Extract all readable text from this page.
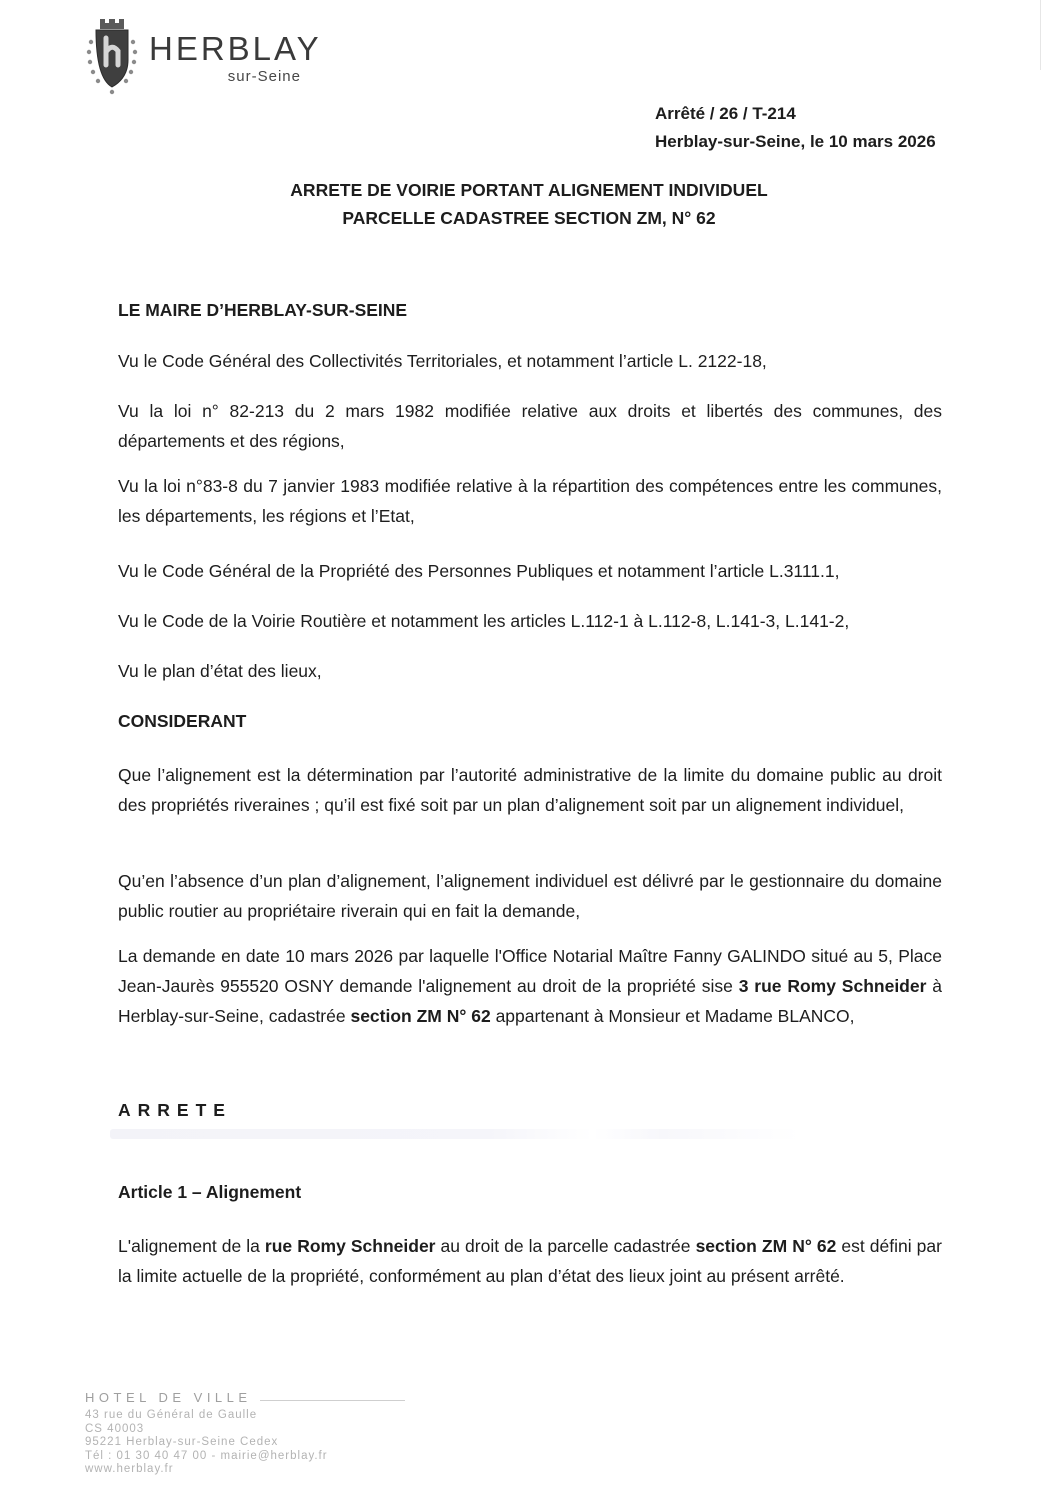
HERBLAY
sur-Seine
Arrêté / 26 / T-214
Herblay-sur-Seine, le 10 mars 2026
ARRETE DE VOIRIE PORTANT ALIGNEMENT INDIVIDUEL
PARCELLE CADASTREE SECTION ZM, N° 62
LE MAIRE D’HERBLAY-SUR-SEINE

Vu le Code Général des Collectivités Territoriales, et notamment l’article L. 2122-18,

Vu la loi n° 82-213 du 2 mars 1982 modifiée relative aux droits et libertés des communes, des départements et des régions,

Vu la loi n°83-8 du 7 janvier 1983 modifiée relative à la répartition des compétences entre les communes, les départements, les régions et l’Etat,

Vu le Code Général de la Propriété des Personnes Publiques et notamment l’article L.3111.1,

Vu le Code de la Voirie Routière et notamment les articles L.112-1 à L.112-8, L.141-3, L.141-2,

Vu le plan d’état des lieux,

CONSIDERANT

Que l’alignement est la détermination par l’autorité administrative de la limite du domaine public au droit des propriétés riveraines ; qu’il est fixé soit par un plan d’alignement soit par un alignement individuel,

Qu’en l’absence d’un plan d’alignement, l’alignement individuel est délivré par le gestionnaire du domaine public routier au propriétaire riverain qui en fait la demande,

La demande en date 10 mars 2026 par laquelle l'Office Notarial Maître Fanny GALINDO situé au 5, Place Jean-Jaurès 955520 OSNY demande l'alignement au droit de la propriété sise 3 rue Romy Schneider à Herblay-sur-Seine, cadastrée section ZM N° 62 appartenant à Monsieur et Madame BLANCO,

ARRETE
Article 1 – Alignement

L'alignement de la rue Romy Schneider au droit de la parcelle cadastrée section ZM N° 62 est défini par la limite actuelle de la propriété, conformément au plan d’état des lieux joint au présent arrêté.

HOTEL DE VILLE
43 rue du Général de Gaulle
CS 40003
95221 Herblay-sur-Seine Cedex
Tél : 01 30 40 47 00 - mairie@herblay.fr
www.herblay.fr
